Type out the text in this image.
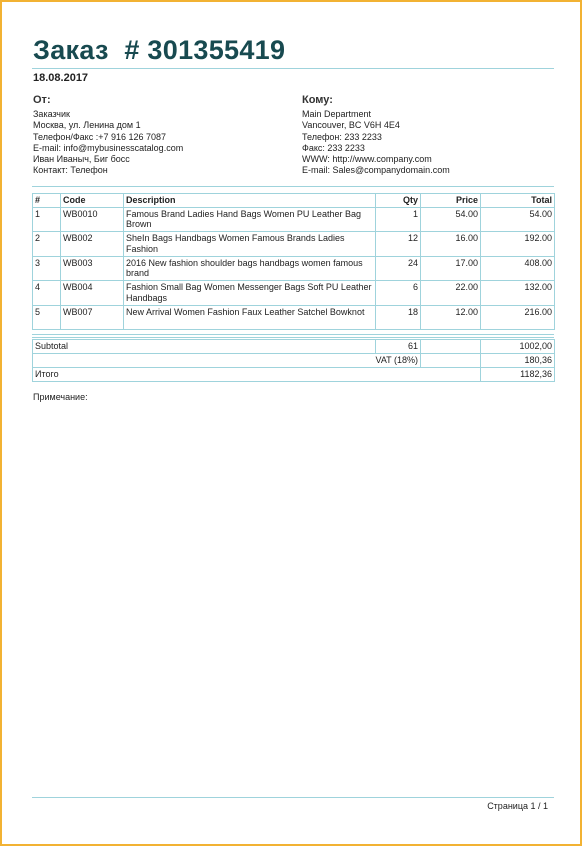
Заказ  # 301355419
18.08.2017
От:
Заказчик
Москва, ул. Ленина дом 1
Телефон/Факс :+7 916 126 7087
E-mail: info@mybusinesscatalog.com
Иван Иваныч, Биг босс
Контакт: Телефон
Кому:
Main Department
Vancouver, BC V6H 4E4
Телефон: 233 2233
Факс: 233 2233
WWW: http://www.company.com
E-mail: Sales@companydomain.com
#	Code	Description	Qty	Price	Total
1	WB0010	Famous Brand Ladies Hand Bags Women PU Leather Bag Brown	1	54.00	54.00
2	WB002	SheIn Bags Handbags Women Famous Brands Ladies Fashion	12	16.00	192.00
3	WB003	2016 New fashion shoulder bags handbags women famous brand	24	17.00	408.00
4	WB004	Fashion Small Bag Women Messenger Bags Soft PU Leather Handbags	6	22.00	132.00
5	WB007	New Arrival Women Fashion Faux Leather Satchel Bowknot	18	12.00	216.00
Subtotal	61		1002,00
VAT (18%)			180,36
Итого			1182,36
Примечание:
Страница 1 / 1
